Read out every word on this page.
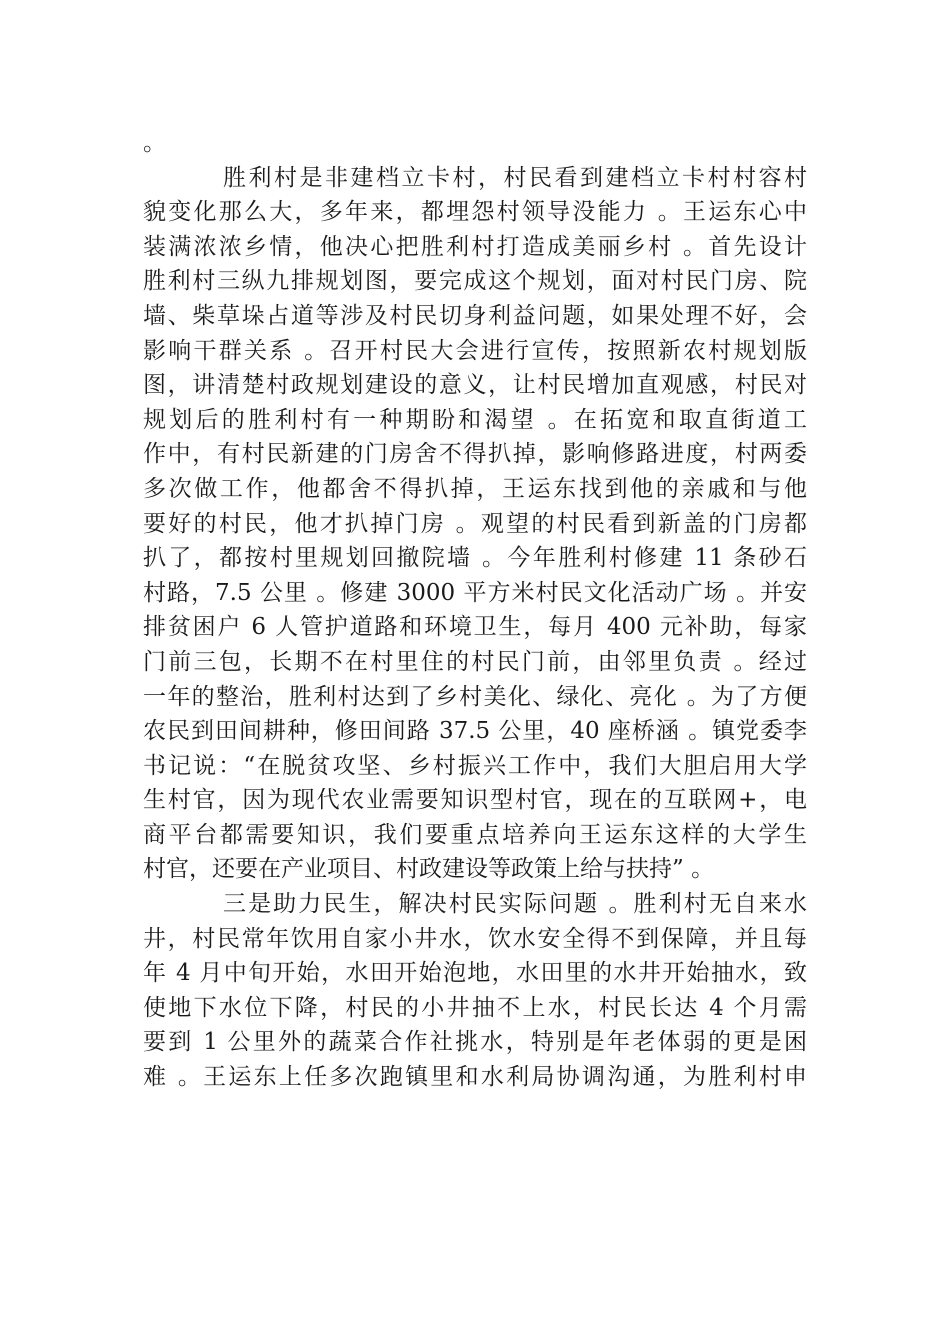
。
胜利村是非建档立卡村，村民看到建档立卡村村容村
貌变化那么大，多年来，都埋怨村领导没能力 。王运东心中
装满浓浓乡情，他决心把胜利村打造成美丽乡村 。首先设计
胜利村三纵九排规划图，要完成这个规划，面对村民门房、院
墙、柴草垛占道等涉及村民切身利益问题，如果处理不好，会
影响干群关系 。召开村民大会进行宣传，按照新农村规划版
图，讲清楚村政规划建设的意义，让村民增加直观感，村民对
规划后的胜利村有一种期盼和渴望 。在拓宽和取直街道工
作中，有村民新建的门房舍不得扒掉，影响修路进度，村两委
多次做工作，他都舍不得扒掉，王运东找到他的亲戚和与他
要好的村民，他才扒掉门房 。观望的村民看到新盖的门房都
扒了，都按村里规划回撤院墙 。今年胜利村修建 11 条砂石
村路，7.5 公里 。修建 3000 平方米村民文化活动广场 。并安
排贫困户 6 人管护道路和环境卫生，每月 400 元补助，每家
门前三包，长期不在村里住的村民门前，由邻里负责 。经过
一年的整治，胜利村达到了乡村美化、绿化、亮化 。为了方便
农民到田间耕种，修田间路 37.5 公里，40 座桥涵 。镇党委李
书记说：“在脱贫攻坚、乡村振兴工作中，我们大胆启用大学
生村官，因为现代农业需要知识型村官，现在的互联网+，电
商平台都需要知识，我们要重点培养向王运东这样的大学生
村官，还要在产业项目、村政建设等政策上给与扶持” 。
三是助力民生，解决村民实际问题 。胜利村无自来水
井，村民常年饮用自家小井水，饮水安全得不到保障，并且每
年 4 月中旬开始，水田开始泡地，水田里的水井开始抽水，致
使地下水位下降，村民的小井抽不上水，村民长达 4 个月需
要到 1 公里外的蔬菜合作社挑水，特别是年老体弱的更是困
难 。王运东上任多次跑镇里和水利局协调沟通，为胜利村申
